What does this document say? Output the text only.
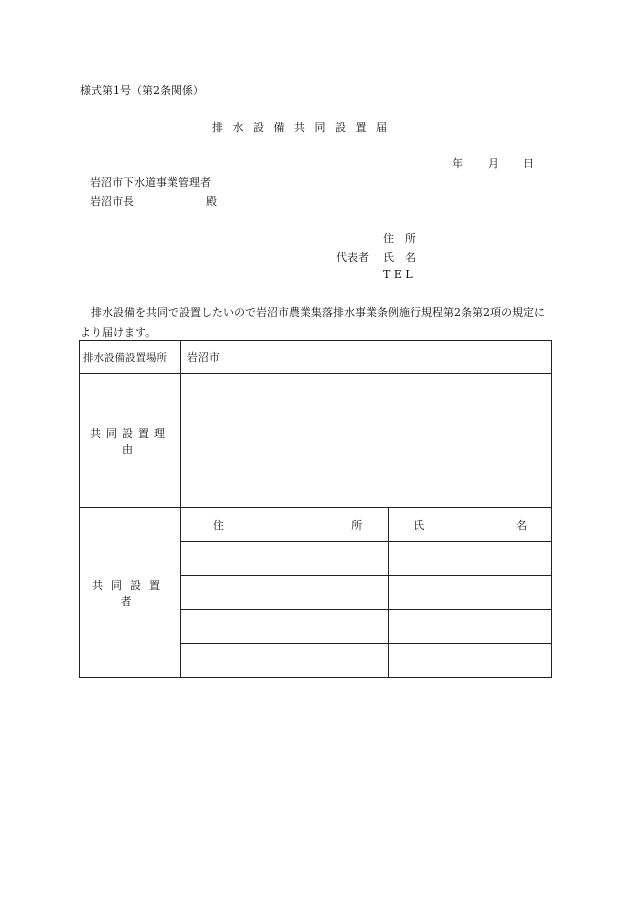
様式第1号（第2条関係）
排 水 設 備 共 同 設 置 届
年 月 日
岩沼市下水道事業管理者
岩沼市長	殿
住　所
代表者 氏　名
T E L
　排水設備を共同で設置したいので岩沼市農業集落排水事業条例施行規程第2条第2項の規定により届けます。
排水設備設置場所	岩沼市	
共同設置理由		
共同設置者	住 所	氏 名
